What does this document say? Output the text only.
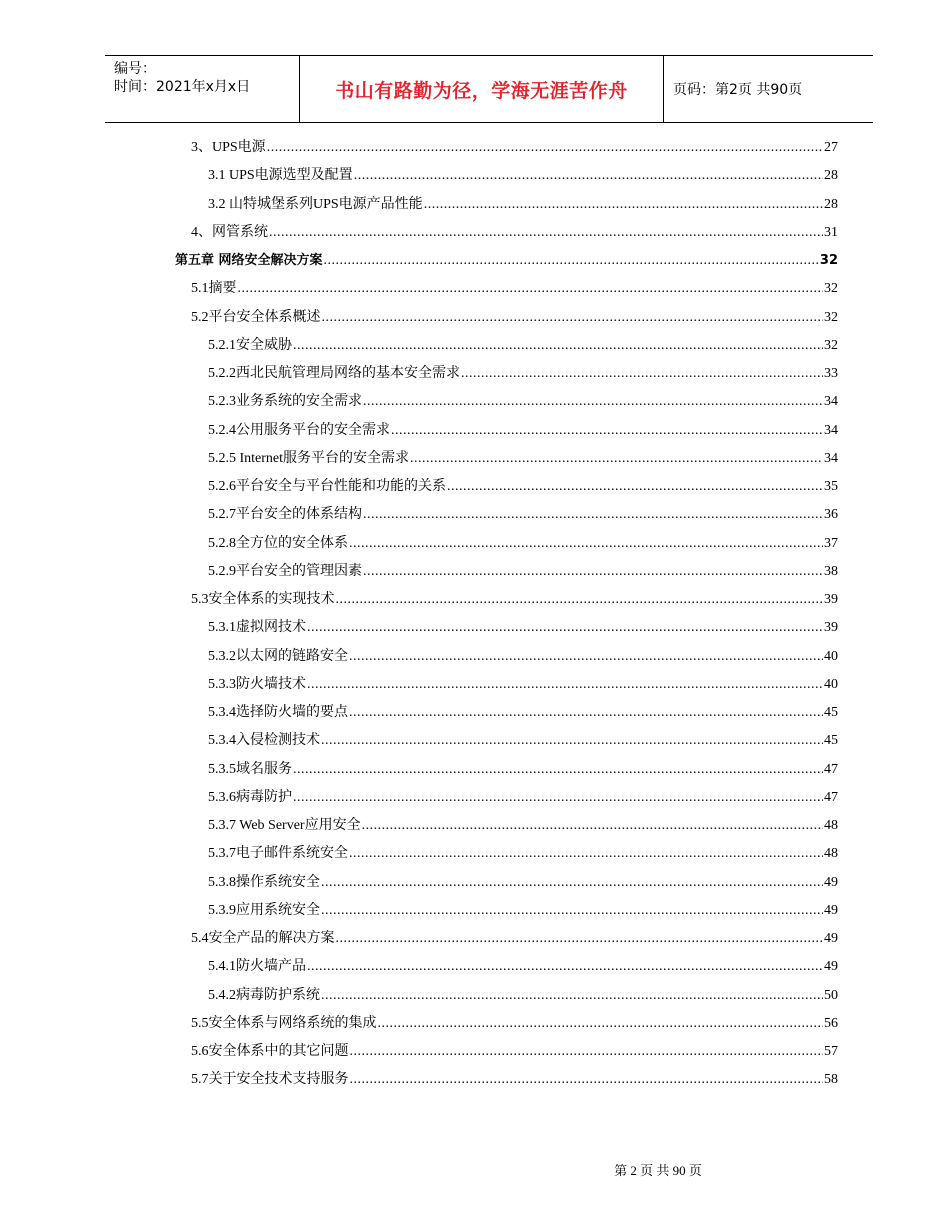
编号：
时间：2021年x月x日	书山有路勤为径，学海无涯苦作舟	页码：第2页 共90页
3、UPS电源 .....	27
3.1 UPS电源选型及配置 .....	28
3.2 山特城堡系列UPS电源产品性能 .....	28
4、网管系统 .....	31
第五章 网络安全解决方案 .....	32
5.1摘要 .....	32
5.2平台安全体系概述 .....	32
5.2.1安全威胁 .....	32
5.2.2西北民航管理局网络的基本安全需求 .....	33
5.2.3业务系统的安全需求 .....	34
5.2.4公用服务平台的安全需求 .....	34
5.2.5 Internet服务平台的安全需求 .....	34
5.2.6平台安全与平台性能和功能的关系 .....	35
5.2.7平台安全的体系结构 .....	36
5.2.8全方位的安全体系 .....	37
5.2.9平台安全的管理因素 .....	38
5.3安全体系的实现技术 .....	39
5.3.1虚拟网技术 .....	39
5.3.2以太网的链路安全 .....	40
5.3.3防火墙技术 .....	40
5.3.4选择防火墙的要点 .....	45
5.3.4入侵检测技术 .....	45
5.3.5域名服务 .....	47
5.3.6病毒防护 .....	47
5.3.7 Web Server应用安全 .....	48
5.3.7电子邮件系统安全 .....	48
5.3.8操作系统安全 .....	49
5.3.9应用系统安全 .....	49
5.4安全产品的解决方案 .....	49
5.4.1防火墙产品 .....	49
5.4.2病毒防护系统 .....	50
5.5安全体系与网络系统的集成 .....	56
5.6安全体系中的其它问题 .....	57
5.7关于安全技术支持服务 .....	58
第 2 页 共 90 页
